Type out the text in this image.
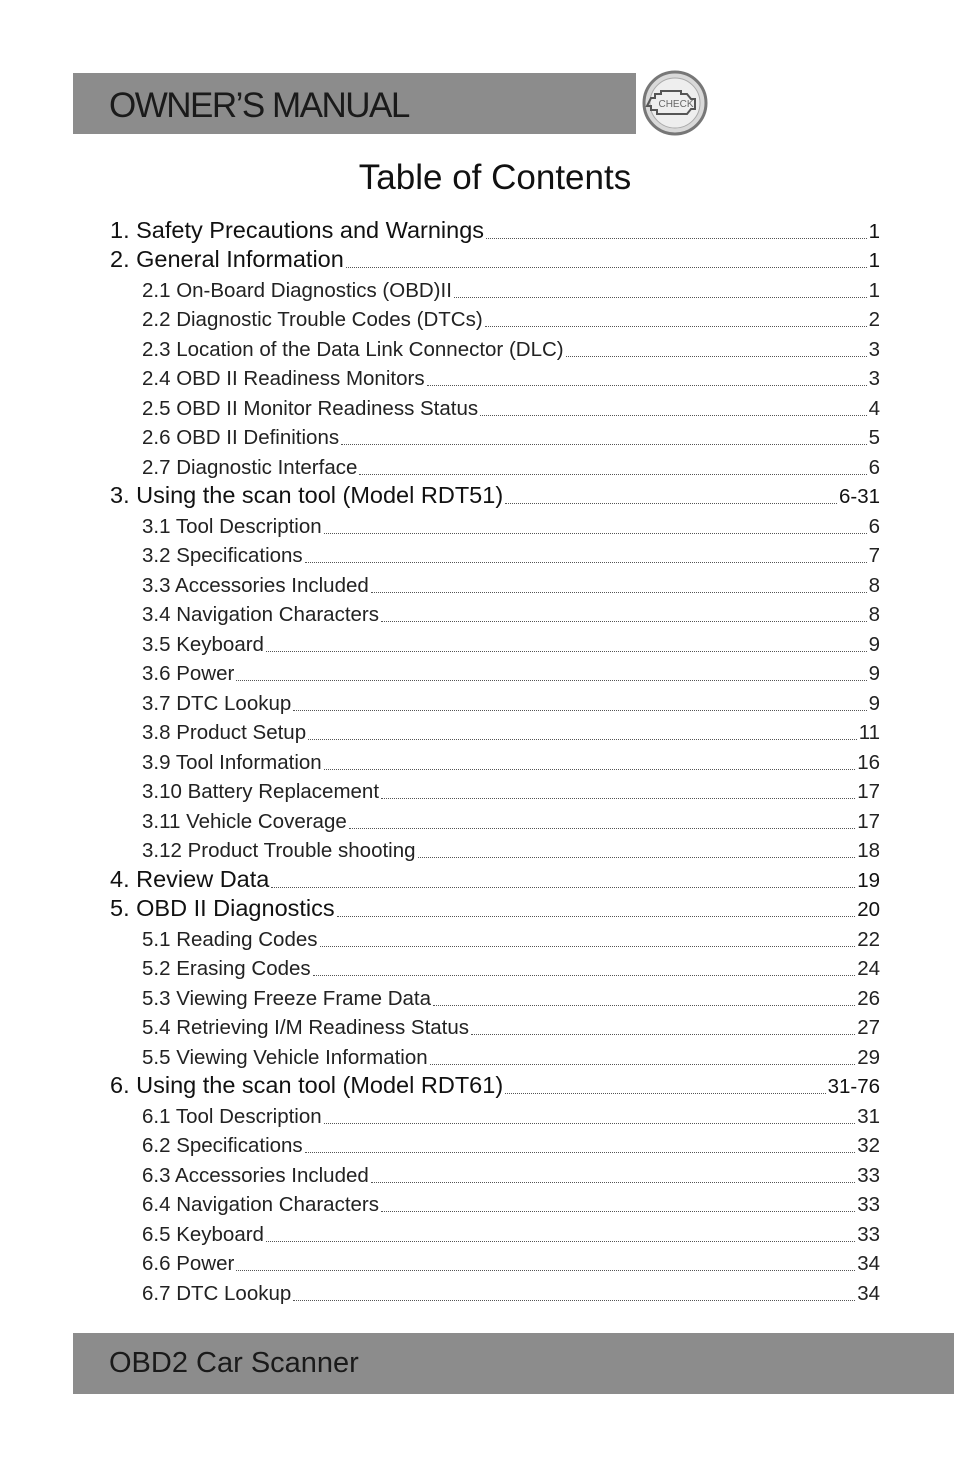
OWNER’S MANUAL	CHECK
Table of Contents
1. Safety Precautions and Warnings	1
2. General Information	1
2.1 On-Board Diagnostics (OBD)II	1
2.2 Diagnostic Trouble Codes (DTCs)	2
2.3 Location of the Data Link Connector (DLC)	3
2.4 OBD II Readiness Monitors	3
2.5 OBD II Monitor Readiness Status	4
2.6 OBD II Definitions	5
2.7 Diagnostic Interface	6
3. Using the scan tool (Model RDT51)	6-31
3.1 Tool Description	6
3.2 Specifications	7
3.3 Accessories Included	8
3.4 Navigation Characters	8
3.5 Keyboard	9
3.6 Power	9
3.7 DTC Lookup	9
3.8 Product Setup	11
3.9 Tool Information	16
3.10 Battery Replacement	17
3.11 Vehicle Coverage	17
3.12 Product Trouble shooting	18
4. Review Data	19
5. OBD II Diagnostics	20
5.1 Reading Codes	22
5.2 Erasing Codes	24
5.3 Viewing Freeze Frame Data	26
5.4 Retrieving I/M Readiness Status	27
5.5 Viewing Vehicle Information	29
6. Using the scan tool (Model RDT61)	31-76
6.1 Tool Description	31
6.2 Specifications	32
6.3 Accessories Included	33
6.4 Navigation Characters	33
6.5 Keyboard	33
6.6 Power	34
6.7 DTC Lookup	34
OBD2 Car Scanner
